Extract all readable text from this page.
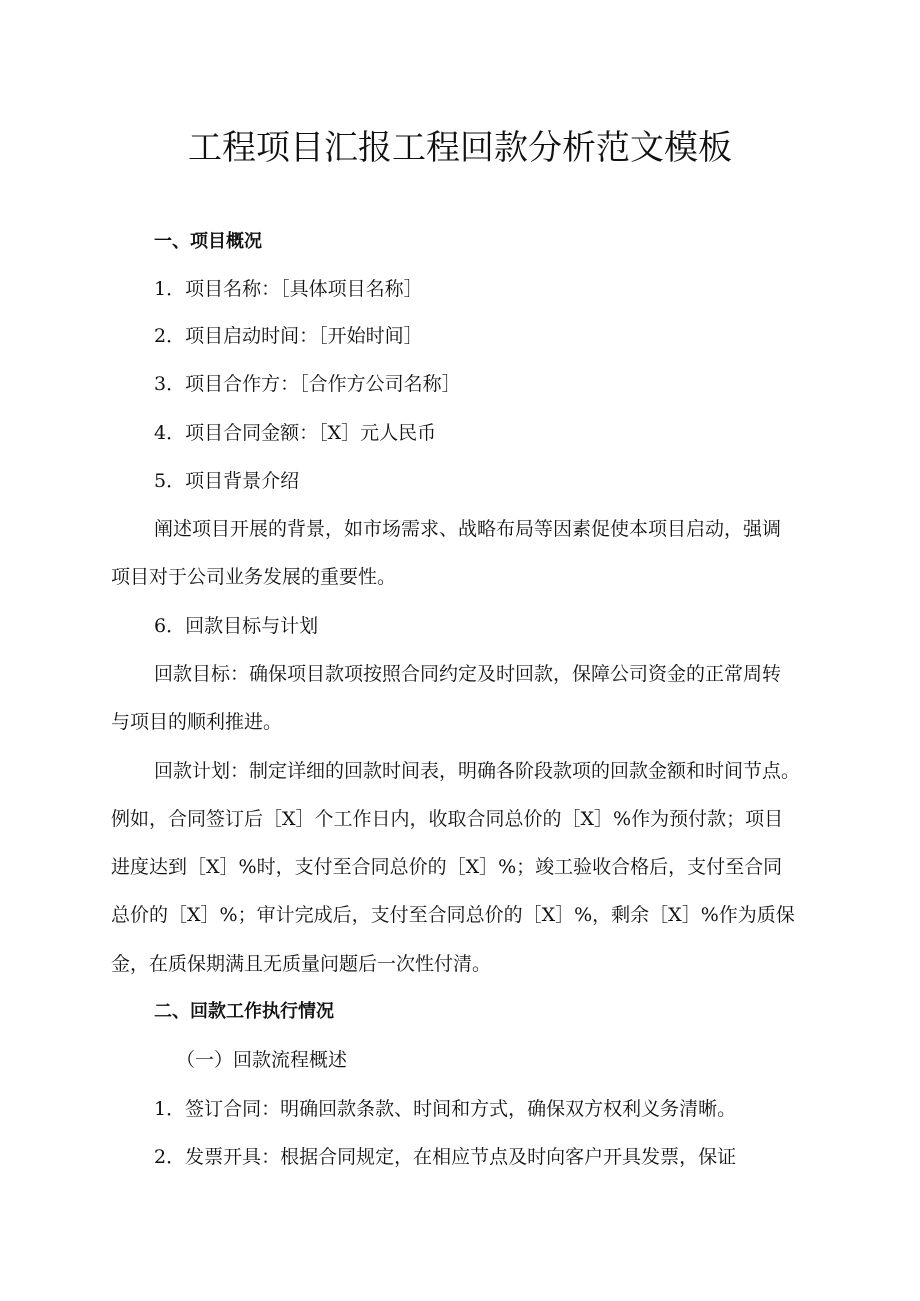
工程项目汇报工程回款分析范文模板
一、项目概况
1．项目名称：［具体项目名称］
2．项目启动时间：［开始时间］
3．项目合作方：［合作方公司名称］
4．项目合同金额：［X］元人民币
5．项目背景介绍
阐述项目开展的背景，如市场需求、战略布局等因素促使本项目启动，强调
项目对于公司业务发展的重要性。
6．回款目标与计划
回款目标：确保项目款项按照合同约定及时回款，保障公司资金的正常周转
与项目的顺利推进。
回款计划：制定详细的回款时间表，明确各阶段款项的回款金额和时间节点。
例如，合同签订后［X］个工作日内，收取合同总价的［X］%作为预付款；项目
进度达到［X］%时，支付至合同总价的［X］%；竣工验收合格后，支付至合同
总价的［X］%；审计完成后，支付至合同总价的［X］%，剩余［X］%作为质保
金，在质保期满且无质量问题后一次性付清。
二、回款工作执行情况
（一）回款流程概述
1．签订合同：明确回款条款、时间和方式，确保双方权利义务清晰。
2．发票开具：根据合同规定，在相应节点及时向客户开具发票，保证
